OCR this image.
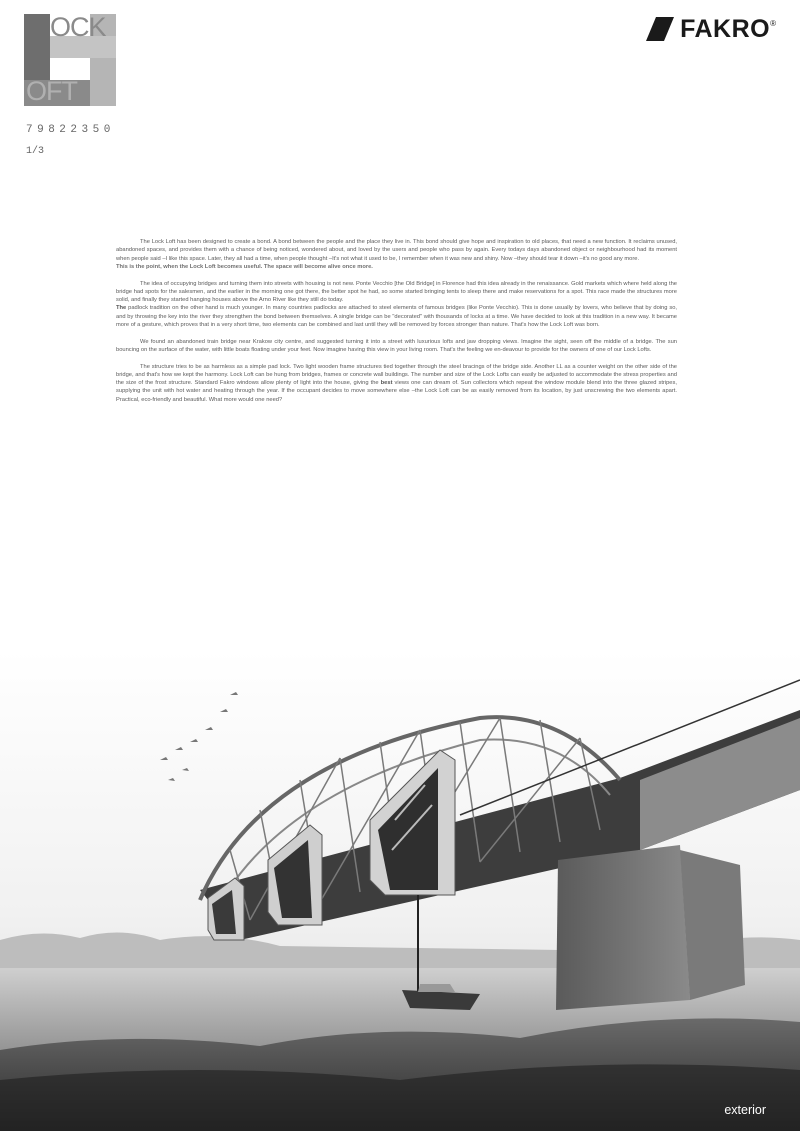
OCK
OFT
79822350
1/3
FAKRO ®

The Lock Loft has been designed to create a bond. A bond between the people and the place they live in. This bond should give hope and inspiration to old places, that need a new function. It reclaims unused, abandoned spaces, and provides them with a chance of being noticed, wondered about, and loved by the users and people who pass by again. Every todays days abandoned object or neighbourhood had its moment when people said –I like this space. Later, they all had a time, when people thought –It's not what it used to be, I remember when it was new and shiny. Now –they should tear it down –it's no good any more.
This is the point, when the Lock Loft becomes useful. The space will become alive once more.

The idea of occupying bridges and turning them into streets with housing is not new. Ponte Vecchio [the Old Bridge] in Florence had this idea already in the renaissance. Gold markets which where held along the bridge had spots for the salesmen, and the earlier in the morning one got there, the better spot he had, so some started bringing tents to sleep there and make reservations for a spot. This race made the structures more solid, and finally they started hanging houses above the Arno River like they still do today.
The padlock tradition on the other hand is much younger. In many countries padlocks are attached to steel elements of famous bridges (like Ponte Vecchio). This is done usually by lovers, who believe that by doing so, and by throwing the key into the river they strengthen the bond between themselves. A single bridge can be "decorated" with thousands of locks at a time. We have decided to look at this tradition in a new way. It became more of a gesture, which proves that in a very short time, two elements can be combined and last until they will be removed by forces stronger than nature. That's how the Lock Loft was born.

We found an abandoned train bridge near Krakow city centre, and suggested turning it into a street with luxurious lofts and jaw dropping views. Imagine the sight, seen off the middle of a bridge. The sun bouncing on the surface of the water, with little boats floating under your feet. Now imagine having this view in your living room. That's the feeling we en-deavour to provide for the owners of one of our Lock Lofts.

The structure tries to be as harmless as a simple pad lock. Two light wooden frame structures tied together through the steel bracings of the bridge side. Another LL as a counter weight on the other side of the bridge, and that's how we kept the harmony. Lock Loft can be hung from bridges, frames or concrete wall buildings. The number and size of the Lock Lofts can easily be adjusted to accommodate the stress properties and the size of the frost structure. Standard Fakro windows allow plenty of light into the house, giving the best views one can dream of. Sun collectors which repeat the window module blend into the three glazed stripes, supplying the unit with hot water and heating through the year. If the occupant decides to move somewhere else –the Lock Loft can be as easily removed from its location, by just unscrewing the two elements apart. Practical, eco-friendly and beautiful. What more would one need?

exterior
